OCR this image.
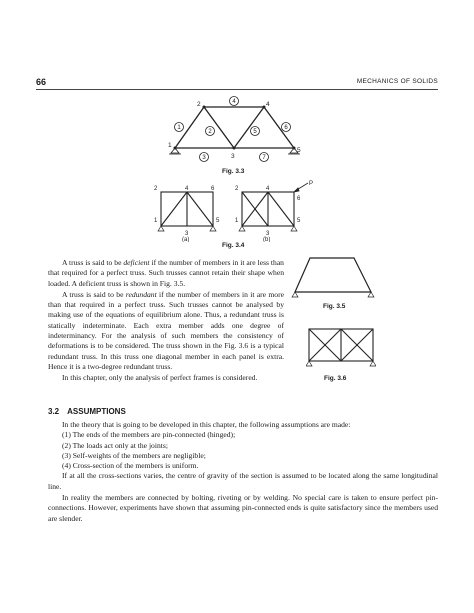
66	MECHANICS OF SOLIDS
1
2
3
4
5
1
2
3
4
5
6
7
Fig. 3.3
1
2
3
4
5
6
(a)
1
2
3
4
5
6
P
(b)
Fig. 3.4
Fig. 3.5
Fig. 3.6

A truss is said to be deficient if the number of members in it are less than that required for a perfect truss. Such trusses cannot retain their shape when loaded. A deficient truss is shown in Fig. 3.5.

A truss is said to be redundant if the number of members in it are more than that required in a perfect truss. Such trusses cannot be analysed by making use of the equations of equilibrium alone. Thus, a redundant truss is statically indeterminate. Each extra member adds one degree of indeterminancy. For the analysis of such members the consistency of deformations is to be considered. The truss shown in the Fig. 3.6 is a typical redundant truss. In this truss one diagonal member in each panel is extra. Hence it is a two-degree redundant truss.

In this chapter, only the analysis of perfect frames is considered.

3.2 ASSUMPTIONS

In the theory that is going to be developed in this chapter, the following assumptions are made:

(1) The ends of the members are pin-connected (hinged);
(2) The loads act only at the joints;
(3) Self-weights of the members are negligible;
(4) Cross-section of the members is uniform.

If at all the cross-sections varies, the centre of gravity of the section is assumed to be located along the same longitudinal line.

In reality the members are connected by bolting, riveting or by welding. No special care is taken to ensure perfect pin-connections. However, experiments have shown that assuming pin-connected ends is quite satisfactory since the members used are slender.
